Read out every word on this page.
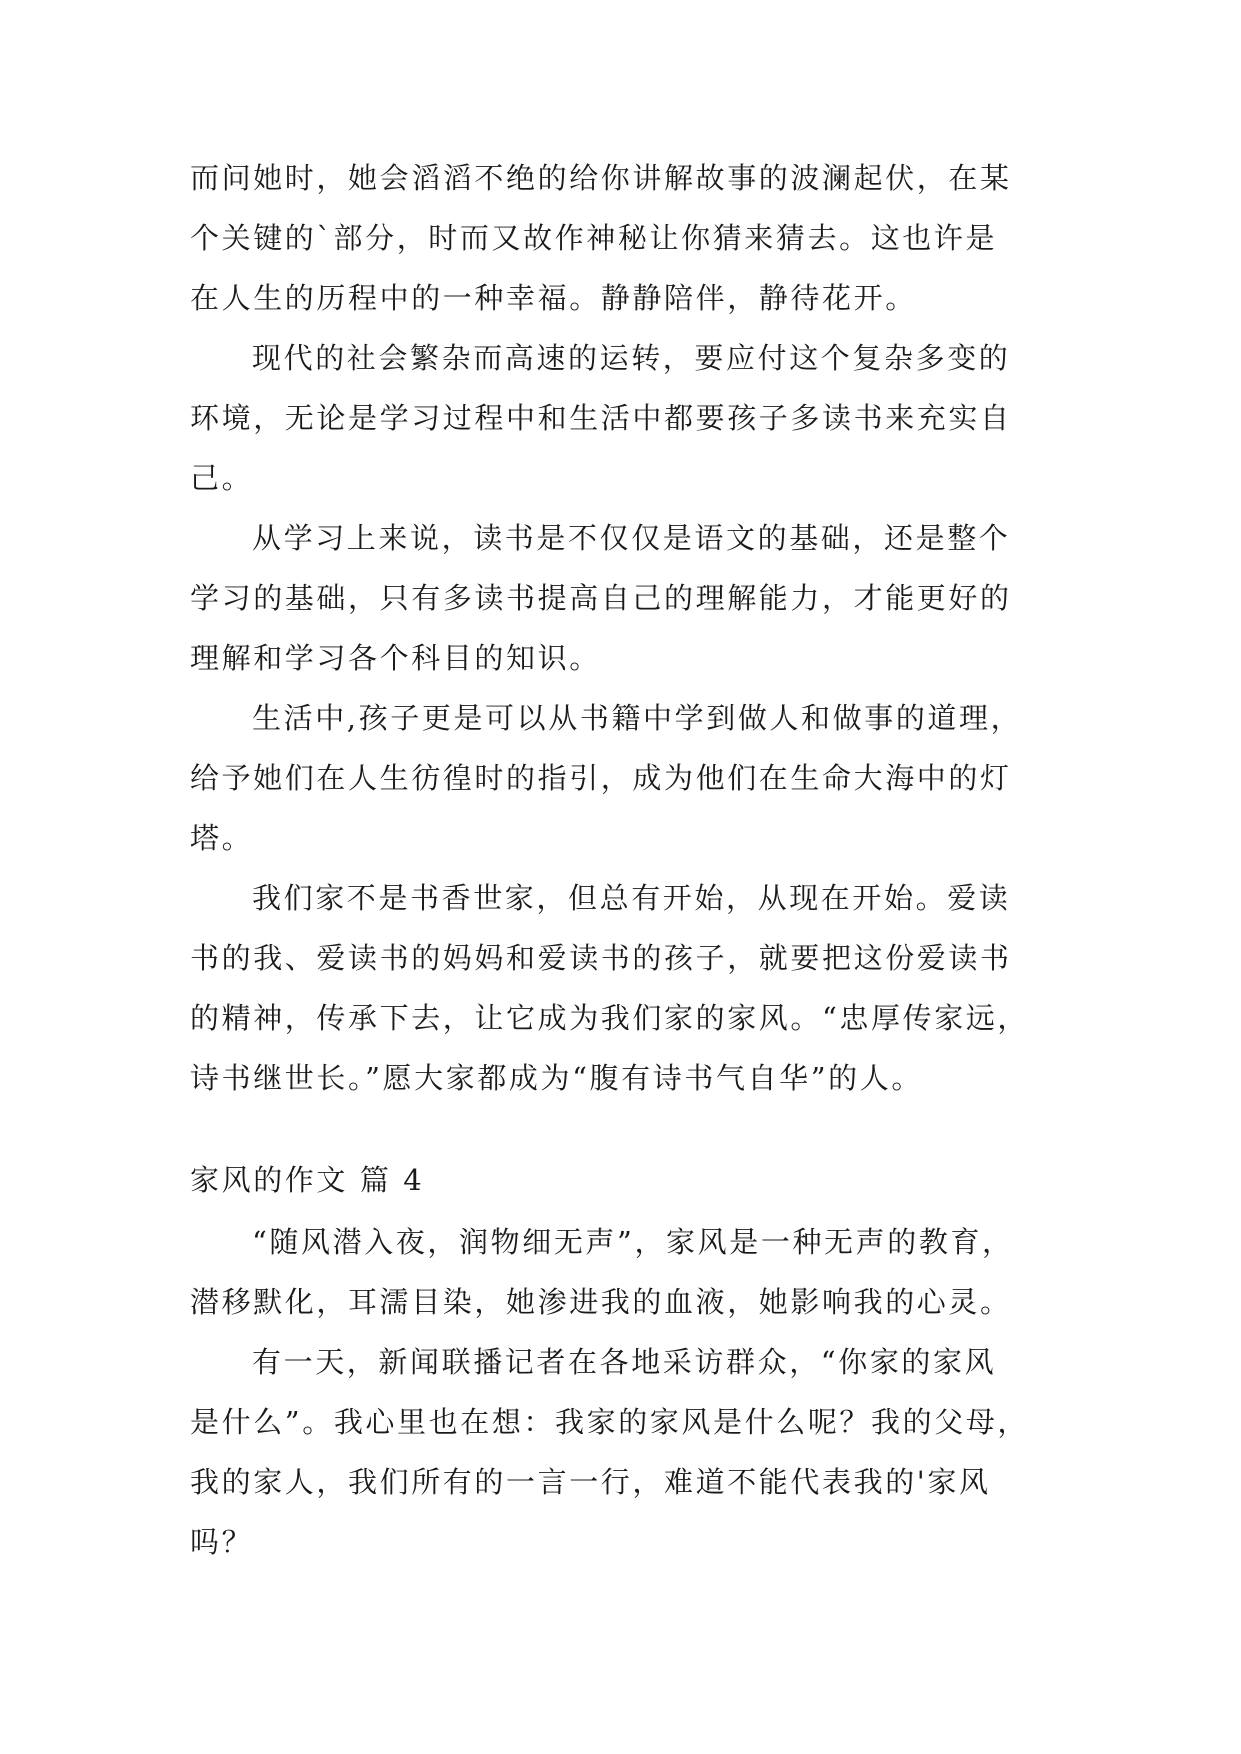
而问她时，她会滔滔不绝的给你讲解故事的波澜起伏，在某
个关键的`部分，时而又故作神秘让你猜来猜去。这也许是
在人生的历程中的一种幸福。静静陪伴，静待花开。

现代的社会繁杂而高速的运转，要应付这个复杂多变的
环境，无论是学习过程中和生活中都要孩子多读书来充实自
己。

从学习上来说，读书是不仅仅是语文的基础，还是整个
学习的基础，只有多读书提高自己的理解能力，才能更好的
理解和学习各个科目的知识。

生活中,孩子更是可以从书籍中学到做人和做事的道理，
给予她们在人生彷徨时的指引，成为他们在生命大海中的灯
塔。

我们家不是书香世家，但总有开始，从现在开始。爱读
书的我、爱读书的妈妈和爱读书的孩子，就要把这份爱读书
的精神，传承下去，让它成为我们家的家风。“忠厚传家远，
诗书继世长。”愿大家都成为“腹有诗书气自华”的人。

家风的作文 篇 4

“随风潜入夜，润物细无声”，家风是一种无声的教育，
潜移默化，耳濡目染，她渗进我的血液，她影响我的心灵。

有一天，新闻联播记者在各地采访群众，“你家的家风
是什么”。我心里也在想：我家的家风是什么呢？我的父母，
我的家人，我们所有的一言一行，难道不能代表我的'家风
吗？
